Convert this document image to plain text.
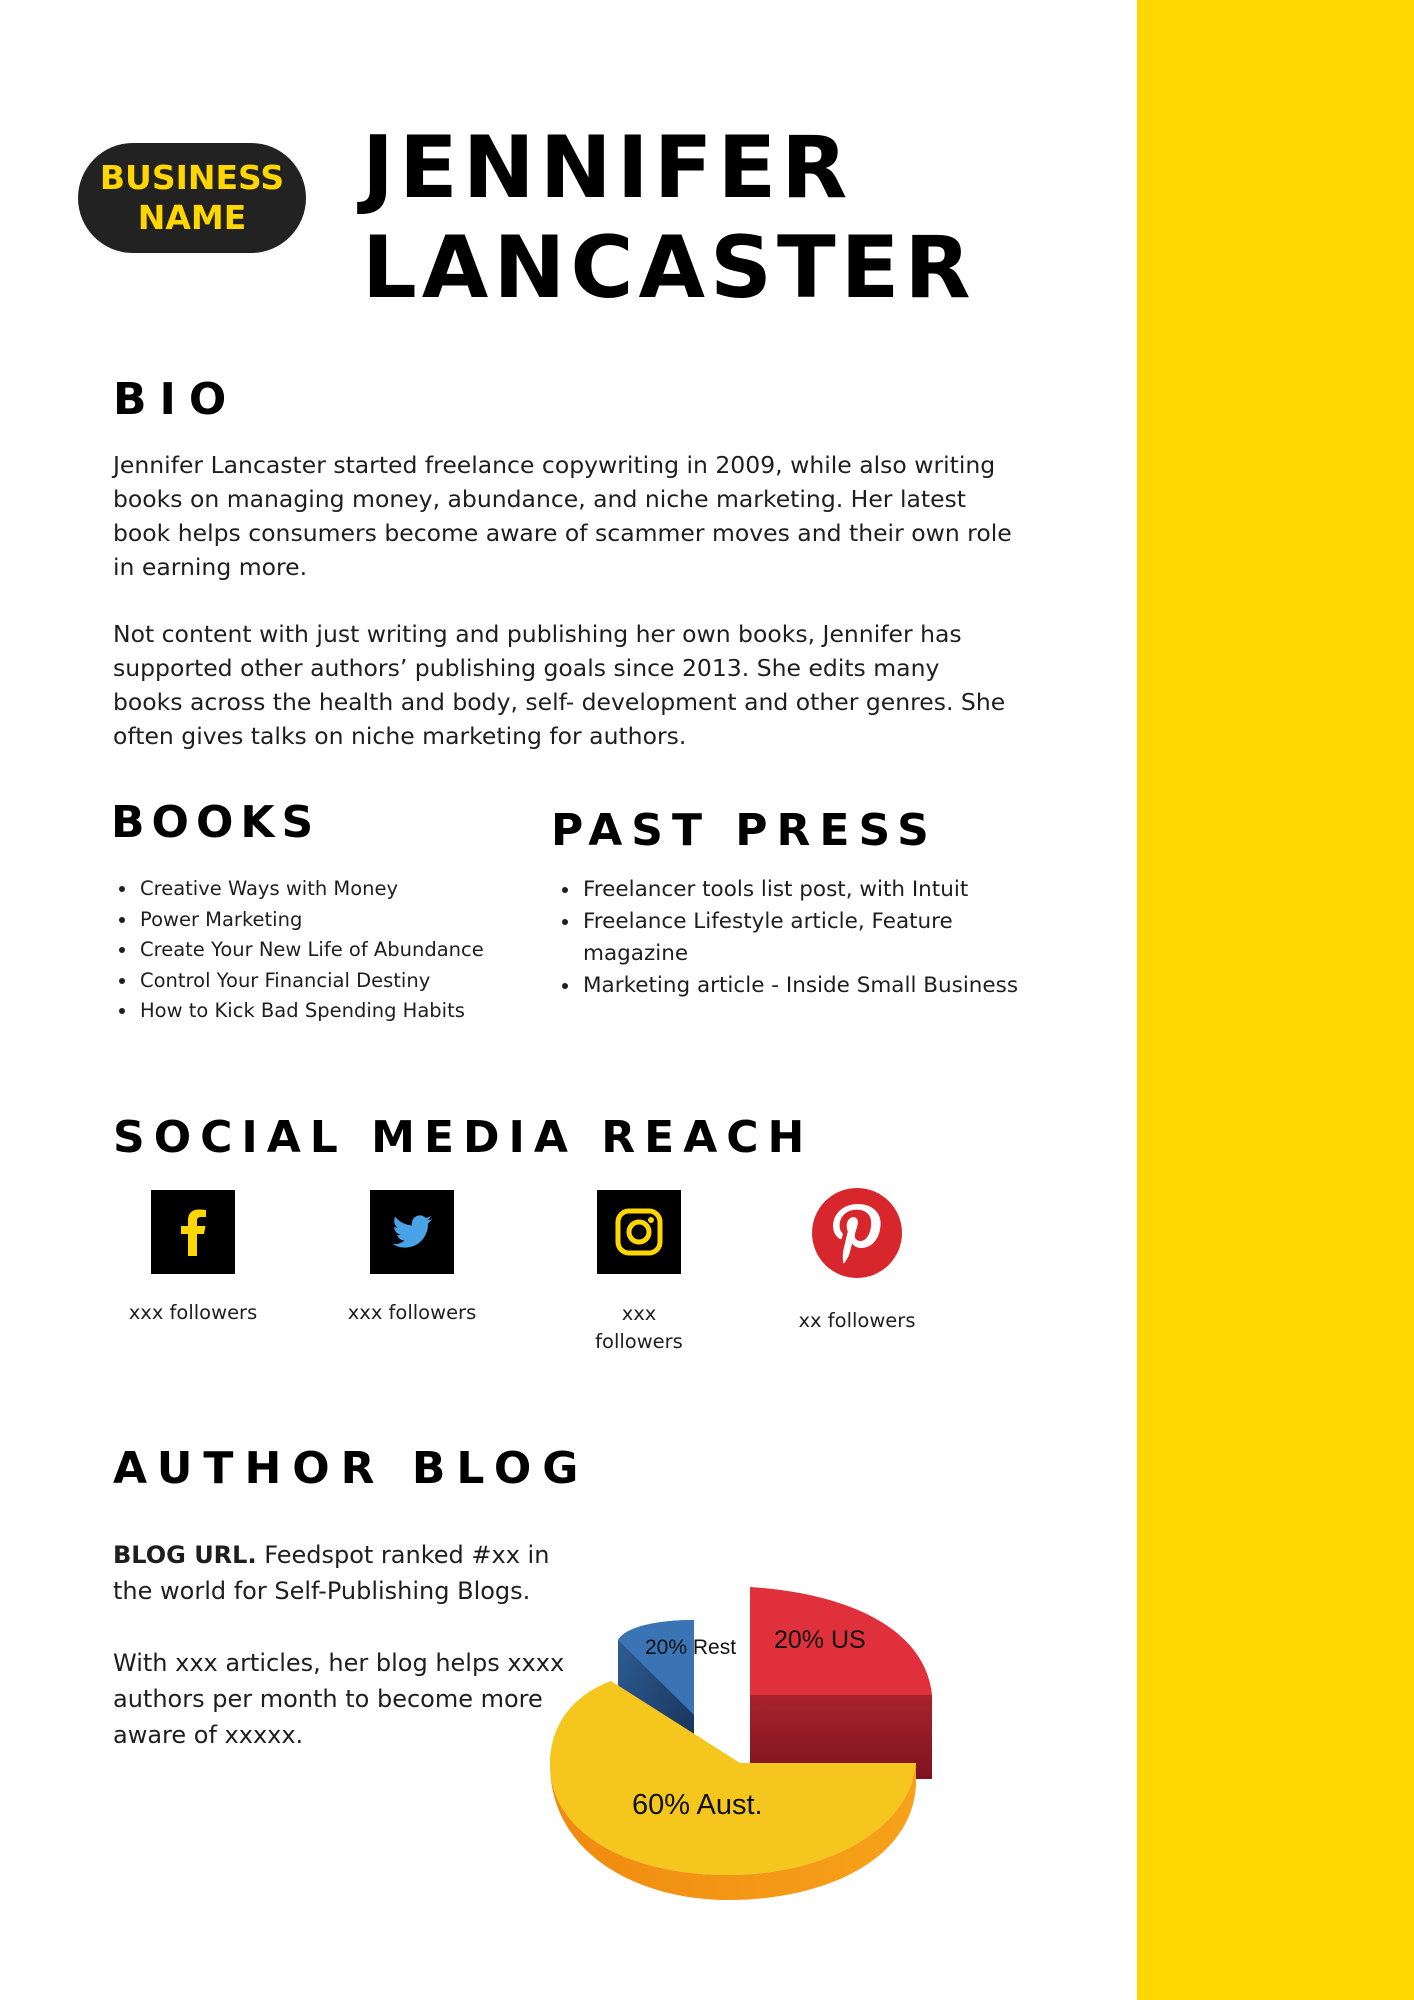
BUSINESS
NAME JENNIFER
LANCASTER
BIO

Jennifer Lancaster started freelance copywriting in 2009, while also writing books on managing money, abundance, and niche marketing. Her latest book helps consumers become aware of scammer moves and their own role in earning more.

Not content with just writing and publishing her own books, Jennifer has supported other authors’ publishing goals since 2013. She edits many books across the health and body, self- development and other genres. She often gives talks on niche marketing for authors.

BOOKS
• Creative Ways with Money
• Power Marketing
• Create Your New Life of Abundance
• Control Your Financial Destiny
• How to Kick Bad Spending Habits
PAST PRESS
• Freelancer tools list post, with Intuit
• Freelance Lifestyle article, Feature magazine
• Marketing article - Inside Small Business
SOCIAL MEDIA REACH
xxx followers	xxx followers	xxx followers
xx followers
AUTHOR BLOG

BLOG URL. Feedspot ranked #xx in the world for Self-Publishing Blogs.

With xxx articles, her blog helps xxxx authors per month to become more aware of xxxxx.

20% Rest 20% US
60% Aust.
